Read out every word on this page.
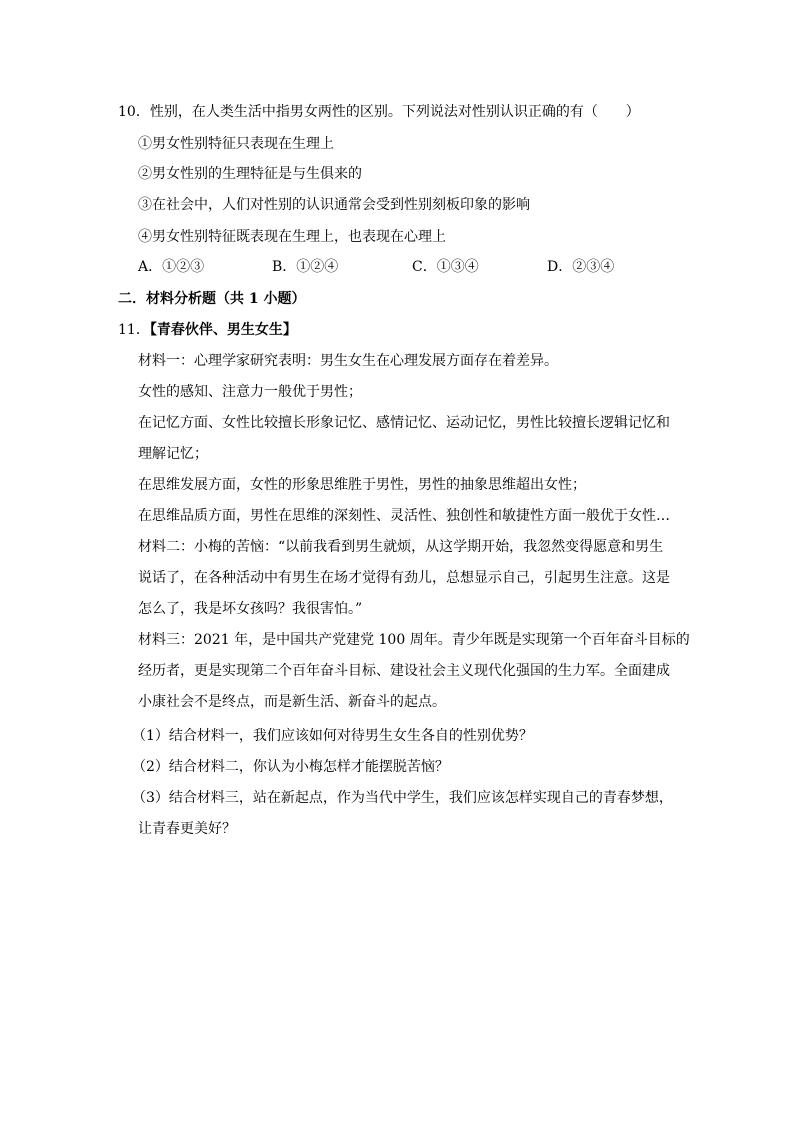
10．性别，在人类生活中指男女两性的区别。下列说法对性别认识正确的有（　　）
①男女性别特征只表现在生理上
②男女性别的生理特征是与生俱来的
③在社会中，人们对性别的认识通常会受到性别刻板印象的影响
④男女性别特征既表现在生理上，也表现在心理上
A．①②③	B．①②④	C．①③④	D．②③④
二．材料分析题（共 1 小题）
11．【青春伙伴、男生女生】
材料一：心理学家研究表明：男生女生在心理发展方面存在着差异。
女性的感知、注意力一般优于男性；
在记忆方面、女性比较擅长形象记忆、感情记忆、运动记忆，男性比较擅长逻辑记忆和
理解记忆；
在思维发展方面，女性的形象思维胜于男性，男性的抽象思维超出女性；
在思维品质方面，男性在思维的深刻性、灵活性、独创性和敏捷性方面一般优于女性…
材料二：小梅的苦恼：“以前我看到男生就烦，从这学期开始，我忽然变得愿意和男生
说话了，在各种活动中有男生在场才觉得有劲儿，总想显示自己，引起男生注意。这是
怎么了，我是坏女孩吗？我很害怕。”
材料三：2021 年，是中国共产党建党 100 周年。青少年既是实现第一个百年奋斗目标的
经历者，更是实现第二个百年奋斗目标、建设社会主义现代化强国的生力军。全面建成
小康社会不是终点，而是新生活、新奋斗的起点。
（1）结合材料一，我们应该如何对待男生女生各自的性别优势？
（2）结合材料二，你认为小梅怎样才能摆脱苦恼？
（3）结合材料三，站在新起点，作为当代中学生，我们应该怎样实现自己的青春梦想，
让青春更美好？
